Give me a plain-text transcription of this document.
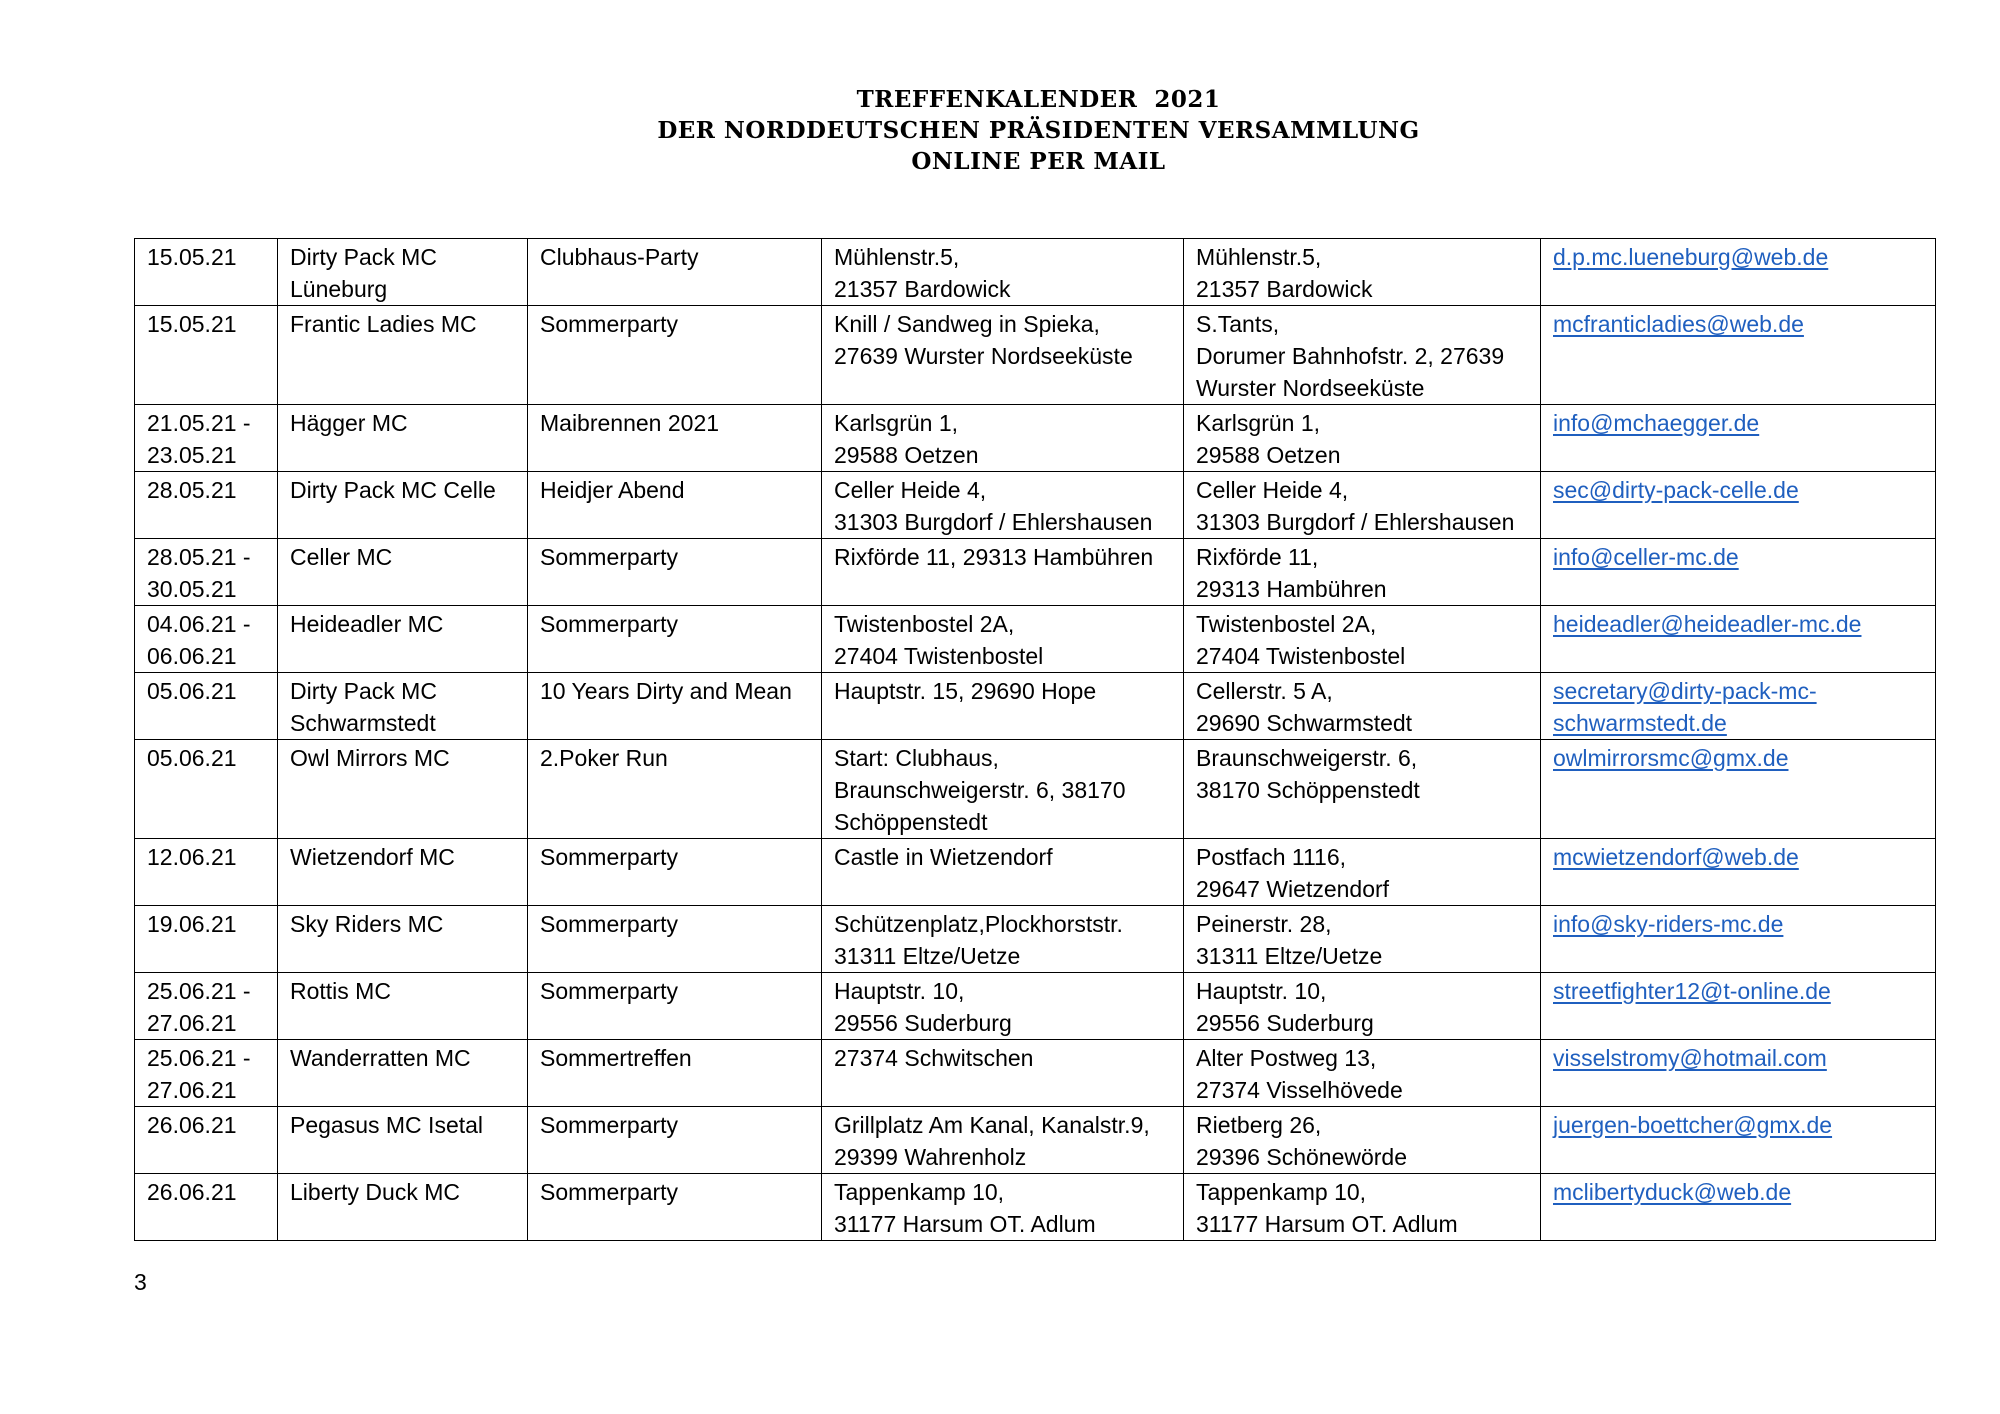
TREFFENKALENDER  2021
DER NORDDEUTSCHEN PRÄSIDENTEN VERSAMMLUNG
ONLINE PER MAIL
15.05.21	Dirty Pack MC
Lüneburg	Clubhaus-Party	Mühlenstr.5,
21357 Bardowick	Mühlenstr.5,
21357 Bardowick	d.p.mc.lueneburg@web.de
15.05.21	Frantic Ladies MC	Sommerparty	Knill / Sandweg in Spieka,
27639 Wurster Nordseeküste	S.Tants,
Dorumer Bahnhofstr. 2, 27639
Wurster Nordseeküste	mcfranticladies@web.de
21.05.21 -
23.05.21	Hägger MC	Maibrennen 2021	Karlsgrün 1,
29588 Oetzen	Karlsgrün 1,
29588 Oetzen	info@mchaegger.de
28.05.21	Dirty Pack MC Celle	Heidjer Abend	Celler Heide 4,
31303 Burgdorf / Ehlershausen	Celler Heide 4,
31303 Burgdorf / Ehlershausen	sec@dirty-pack-celle.de
28.05.21 -
30.05.21	Celler MC	Sommerparty	Rixförde 11, 29313 Hambühren	Rixförde 11,
29313 Hambühren	info@celler-mc.de
04.06.21 -
06.06.21	Heideadler MC	Sommerparty	Twistenbostel 2A,
27404 Twistenbostel	Twistenbostel 2A,
27404 Twistenbostel	heideadler@heideadler-mc.de
05.06.21	Dirty Pack MC
Schwarmstedt	10 Years Dirty and Mean	Hauptstr. 15, 29690 Hope	Cellerstr. 5 A,
29690 Schwarmstedt	secretary@dirty-pack-mc-
schwarmstedt.de
05.06.21	Owl Mirrors MC	2.Poker Run	Start: Clubhaus,
Braunschweigerstr. 6, 38170
Schöppenstedt	Braunschweigerstr. 6,
38170 Schöppenstedt	owlmirrorsmc@gmx.de
12.06.21	Wietzendorf MC	Sommerparty	Castle in Wietzendorf	Postfach 1116,
29647 Wietzendorf	mcwietzendorf@web.de
19.06.21	Sky Riders MC	Sommerparty	Schützenplatz,Plockhorststr.
31311 Eltze/Uetze	Peinerstr. 28,
31311 Eltze/Uetze	info@sky-riders-mc.de
25.06.21 -
27.06.21	Rottis MC	Sommerparty	Hauptstr. 10,
29556 Suderburg	Hauptstr. 10,
29556 Suderburg	streetfighter12@t-online.de
25.06.21 -
27.06.21	Wanderratten MC	Sommertreffen	27374 Schwitschen	Alter Postweg 13,
27374 Visselhövede	visselstromy@hotmail.com
26.06.21	Pegasus MC Isetal	Sommerparty	Grillplatz Am Kanal, Kanalstr.9,
29399 Wahrenholz	Rietberg 26,
29396 Schönewörde	juergen-boettcher@gmx.de
26.06.21	Liberty Duck MC	Sommerparty	Tappenkamp 10,
31177 Harsum OT. Adlum	Tappenkamp 10,
31177 Harsum OT. Adlum	mclibertyduck@web.de
3
